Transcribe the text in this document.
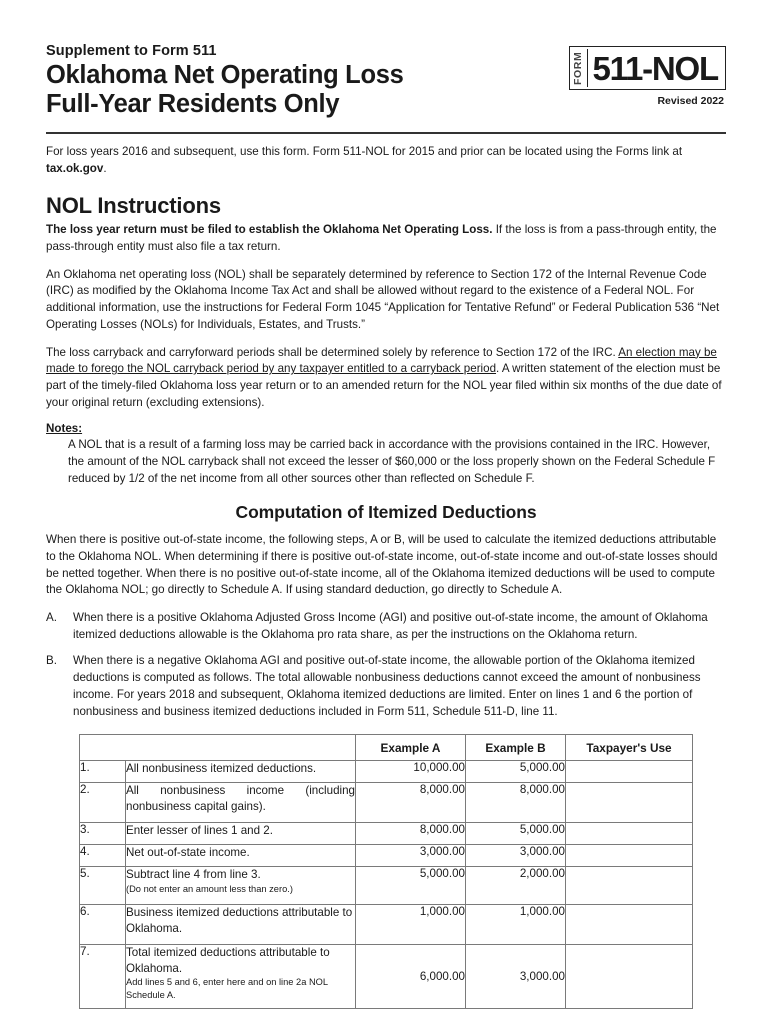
Supplement to Form 511
Oklahoma Net Operating Loss
Full-Year Residents Only
FORM 511-NOL
Revised 2022

For loss years 2016 and subsequent, use this form. Form 511-NOL for 2015 and prior can be located using the Forms link at tax.ok.gov.

NOL Instructions

The loss year return must be filed to establish the Oklahoma Net Operating Loss. If the loss is from a pass-through entity, the pass-through entity must also file a tax return.

An Oklahoma net operating loss (NOL) shall be separately determined by reference to Section 172 of the Internal Revenue Code (IRC) as modified by the Oklahoma Income Tax Act and shall be allowed without regard to the existence of a Federal NOL. For additional information, use the instructions for Federal Form 1045 “Application for Tentative Refund” or Federal Publication 536 “Net Operating Losses (NOLs) for Individuals, Estates, and Trusts.”

The loss carryback and carryforward periods shall be determined solely by reference to Section 172 of the IRC. An election may be made to forego the NOL carryback period by any taxpayer entitled to a carryback period. A written statement of the election must be part of the timely-filed Oklahoma loss year return or to an amended return for the NOL year filed within six months of the due date of your original return (excluding extensions).

Notes:

A NOL that is a result of a farming loss may be carried back in accordance with the provisions contained in the IRC. However, the amount of the NOL carryback shall not exceed the lesser of $60,000 or the loss properly shown on the Federal Schedule F reduced by 1/2 of the net income from all other sources other than reflected on Schedule F.

Computation of Itemized Deductions

When there is positive out-of-state income, the following steps, A or B, will be used to calculate the itemized deductions attributable to the Oklahoma NOL. When determining if there is positive out-of-state income, out-of-state income and out-of-state losses should be netted together. When there is no positive out-of-state income, all of the Oklahoma itemized deductions will be used to compute the Oklahoma NOL; go directly to Schedule A. If using standard deduction, go directly to Schedule A.

A.	When there is a positive Oklahoma Adjusted Gross Income (AGI) and positive out-of-state income, the amount of Oklahoma itemized deductions allowable is the Oklahoma pro rata share, as per the instructions on the Oklahoma return.
B.	When there is a negative Oklahoma AGI and positive out-of-state income, the allowable portion of the Oklahoma itemized deductions is computed as follows. The total allowable nonbusiness deductions cannot exceed the amount of nonbusiness income. For years 2018 and subsequent, Oklahoma itemized deductions are limited. Enter on lines 1 and 6 the portion of nonbusiness and business itemized deductions included in Form 511, Schedule 511-D, line 11.
		Example A	Example B	Taxpayer's Use
1.	All nonbusiness itemized deductions.	10,000.00	5,000.00	
2.	All nonbusiness income (including nonbusiness capital gains).	8,000.00	8,000.00	
3.	Enter lesser of lines 1 and 2.	8,000.00	5,000.00	
4.	Net out-of-state income.	3,000.00	3,000.00	
5.	Subtract line 4 from line 3.
(Do not enter an amount less than zero.)	5,000.00	2,000.00	
6.	Business itemized deductions attributable to Oklahoma.	1,000.00	1,000.00	
7.	Total itemized deductions attributable to Oklahoma.
Add lines 5 and 6, enter here and on line 2a NOL Schedule A.	6,000.00	3,000.00	
